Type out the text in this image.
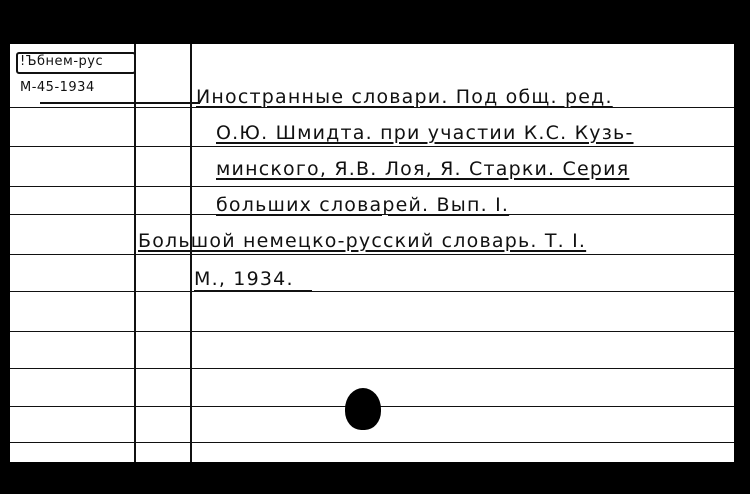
!Ъбнем-рус
М-45-1934	Иностранные словари. Под общ. ред.
О.Ю. Шмидта. при участии К.С. Кузь-
минского, Я.В. Лоя, Я. Старки. Серия
больших словарей. Вып. I.
Большой немецко-русский словарь. Т. I.
М., 1934.
